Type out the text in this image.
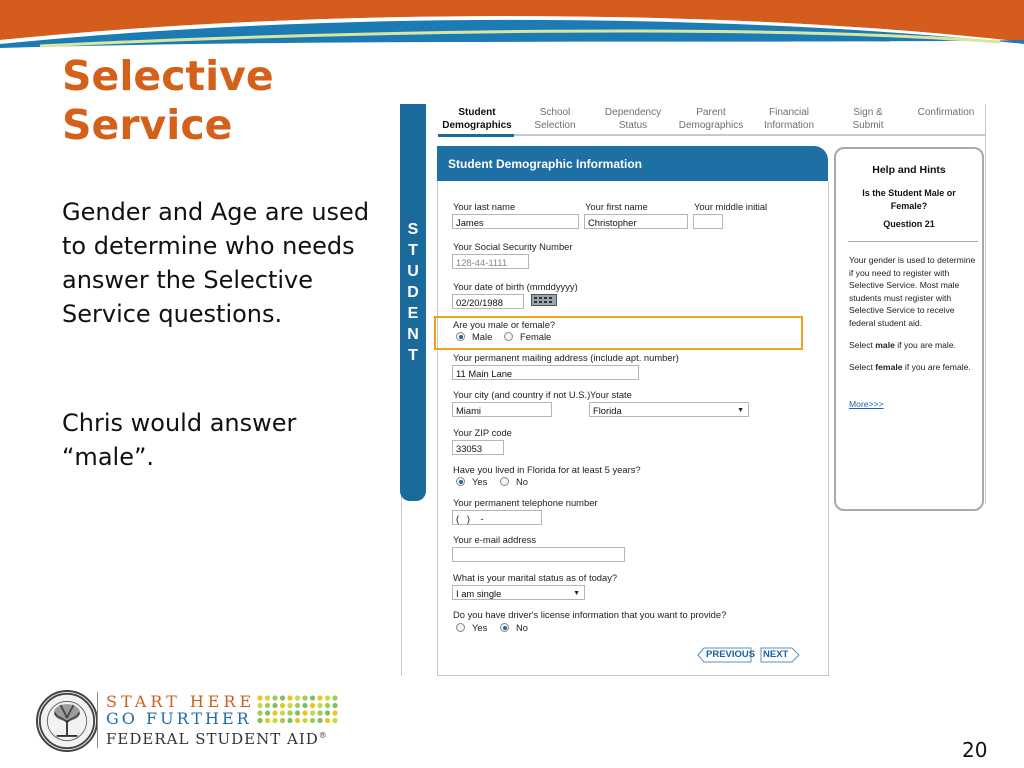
Selective
Service

Gender and Age are used to determine who needs answer the Selective Service questions.

Chris would answer “male”.

S
T
U
D
E
N
T
Student
Demographics
School
Selection
Dependency
Status
Parent
Demographics
Financial
Information
Sign &
Submit
Confirmation
Student Demographic Information
Your last name
James
Your first name
Christopher
Your middle initial
Your Social Security Number
128-44-1111
Your date of birth (mmddyyyy)
02/20/1988
Are you male or female?
Male	Female
Your permanent mailing address (include apt. number)
11 Main Lane
Your city (and country if not U.S.) Your state
Miami	Florida	▼
Your ZIP code
33053
Have you lived in Florida for at least 5 years?
Yes	No
Your permanent telephone number
(   )    -
Your e-mail address
What is your marital status as of today?
I am single	▼
Do you have driver's license information that you want to provide?
Yes	No
PREVIOUS NEXT
Help and Hints
Is the Student Male or
Female?
Question 21
Your gender is used to determine if you need to register with Selective Service. Most male students must register with Selective Service to receive federal student aid.
Select male if you are male.
Select female if you are female.
More>>>
START HERE
GO FURTHER
FEDERAL STUDENT AID®
20
